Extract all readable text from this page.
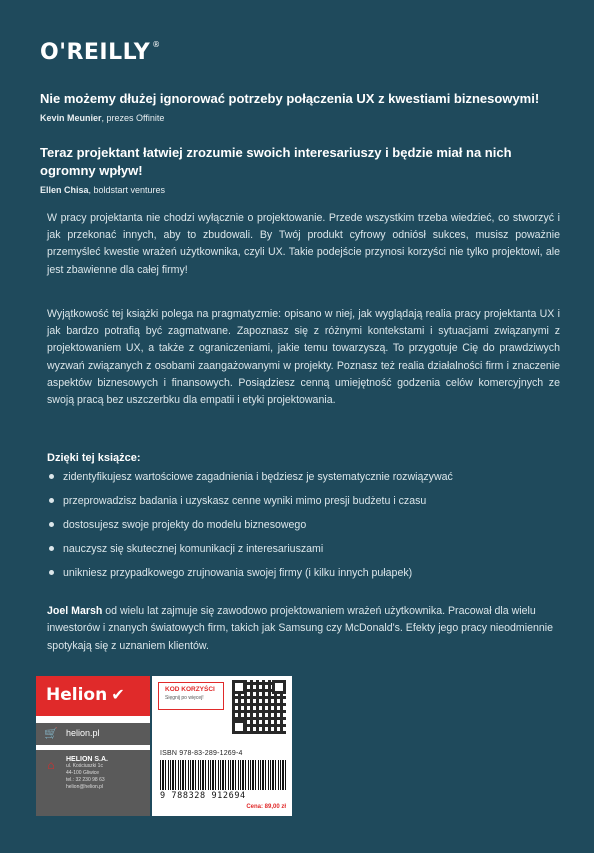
O'REILLY ®
Nie możemy dłużej ignorować potrzeby połączenia UX z kwestiami biznesowymi!
Kevin Meunier, prezes Offinite
Teraz projektant łatwiej zrozumie swoich interesariuszy i będzie miał na nich ogromny wpływ!
Ellen Chisa, boldstart ventures

W pracy projektanta nie chodzi wyłącznie o projektowanie. Przede wszystkim trzeba wiedzieć, co stworzyć i jak przekonać innych, aby to zbudowali. By Twój produkt cyfrowy odniósł sukces, musisz poważnie przemyśleć kwestie wrażeń użytkownika, czyli UX. Takie podejście przynosi korzyści nie tylko projektowi, ale jest zbawienne dla całej firmy!

Wyjątkowość tej książki polega na pragmatyzmie: opisano w niej, jak wyglądają realia pracy projektanta UX i jak bardzo potrafią być zagmatwane. Zapoznasz się z różnymi kontekstami i sytuacjami związanymi z projektowaniem UX, a także z ograniczeniami, jakie temu towarzyszą. To przygotuje Cię do prawdziwych wyzwań związanych z osobami zaangażowanymi w projekty. Poznasz też realia działalności firm i znaczenie aspektów biznesowych i finansowych. Posiądziesz cenną umiejętność godzenia celów komercyjnych ze swoją pracą bez uszczerbku dla empatii i etyki projektowania.

Dzięki tej książce:
zidentyfikujesz wartościowe zagadnienia i będziesz je systematycznie rozwiązywać
przeprowadzisz badania i uzyskasz cenne wyniki mimo presji budżetu i czasu
dostosujesz swoje projekty do modelu biznesowego
nauczysz się skutecznej komunikacji z interesariuszami
unikniesz przypadkowego zrujnowania swojej firmy (i kilku innych pułapek)

Joel Marsh od wielu lat zajmuje się zawodowo projektowaniem wrażeń użytkownika. Pracował dla wielu inwestorów i znanych światowych firm, takich jak Samsung czy McDonald's. Efekty jego pracy nieodmiennie spotykają się z uznaniem klientów.

Helion ✔
🛒 helion.pl
⌂	HELION S.A.
ul. Kościuszki 1c
44-100 Gliwice
tel.: 32 230 98 63
helion@helion.pl
KOD KORZYŚCI
Sięgnij po więcej!
ISBN 978-83-289-1269-4
9 788328 912694
Cena: 89,00 zł
